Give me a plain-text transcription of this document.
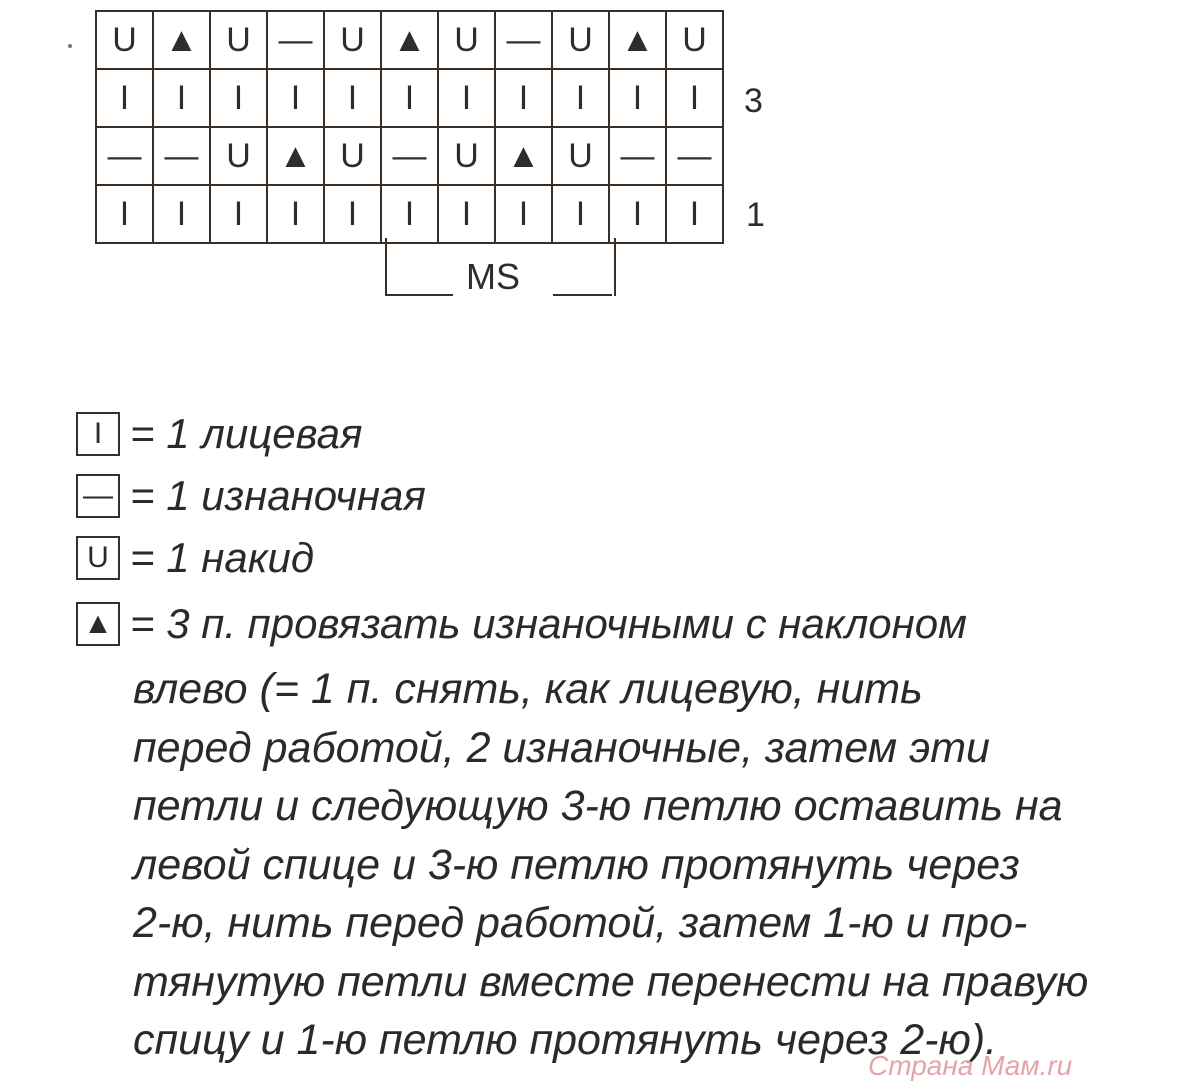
U	▲	U	—	U	▲	U	—	U	▲	U
I	I	I	I	I	I	I	I	I	I	I
—	—	U	▲	U	—	U	▲	U	—	—
I	I	I	I	I	I	I	I	I	I	I
3
1
MS
I = 1 лицевая
— = 1 изнаночная
U = 1 накид
▲ = 3 п. провязать изнаночными с наклоном

влево (= 1 п. снять, как лицевую, нить
перед работой, 2 изнаночные, затем эти
петли и следующую 3-ю петлю оставить на
левой спице и 3-ю петлю протянуть через
2-ю, нить перед работой, затем 1-ю и про-
тянутую петли вместе перенести на правую
спицу и 1-ю петлю протянуть через 2-ю).

Страна Мам.ru
